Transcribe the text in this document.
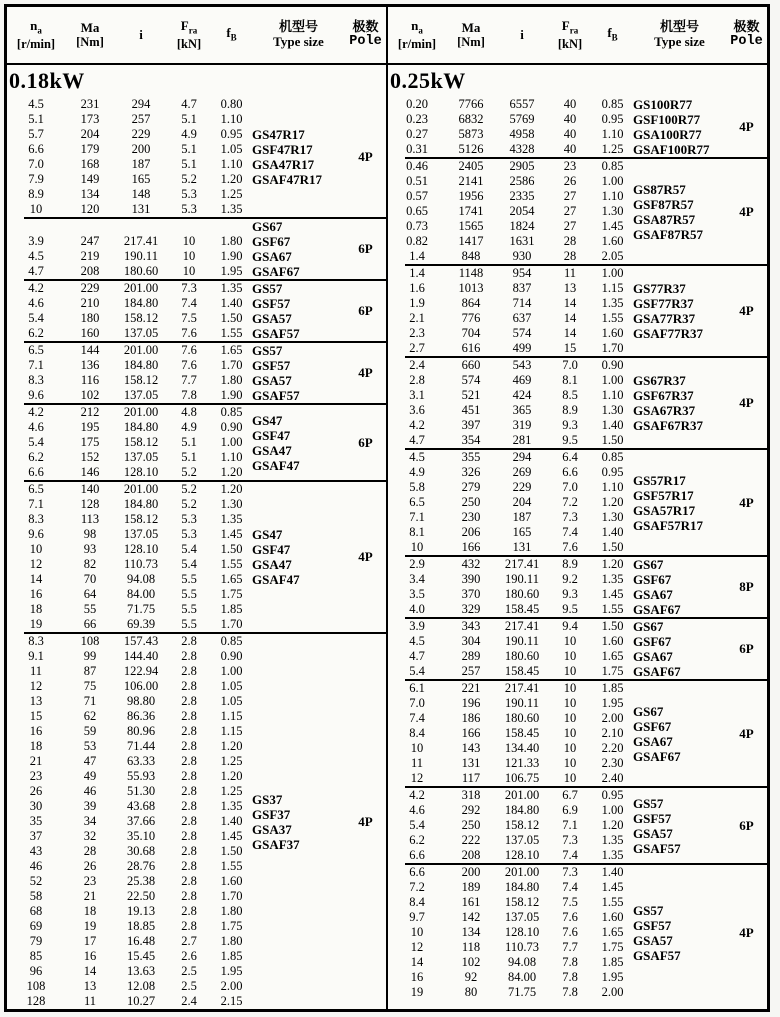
$n_a$
[r/min]
Ma
[Nm]	i
$F_{ra}$
[kN]
$f_B$
机型号
Type size
极数
Pole
0.18kW
4.5	231	294	4.7	0.80
5.1	173	257	5.1	1.10
5.7	204	229	4.9	0.95
6.6	179	200	5.1	1.05
7.0	168	187	5.1	1.10
7.9	149	165	5.2	1.20
8.9	134	148	5.3	1.25
10	120	131	5.3	1.35
GS47R17
GSF47R17
GSA47R17
GSAF47R17
4P
3.9	247	217.41	10	1.80
4.5	219	190.11	10	1.90
4.7	208	180.60	10	1.95
GS67
GSF67
GSA67
GSAF67
6P
4.2	229	201.00	7.3	1.35
4.6	210	184.80	7.4	1.40
5.4	180	158.12	7.5	1.50
6.2	160	137.05	7.6	1.55
GS57
GSF57
GSA57
GSAF57
6P
6.5	144	201.00	7.6	1.65
7.1	136	184.80	7.6	1.70
8.3	116	158.12	7.7	1.80
9.6	102	137.05	7.8	1.90
GS57
GSF57
GSA57
GSAF57
4P
4.2	212	201.00	4.8	0.85
4.6	195	184.80	4.9	0.90
5.4	175	158.12	5.1	1.00
6.2	152	137.05	5.1	1.10
6.6	146	128.10	5.2	1.20
GS47
GSF47
GSA47
GSAF47
6P
6.5	140	201.00	5.2	1.20
7.1	128	184.80	5.2	1.30
8.3	113	158.12	5.3	1.35
9.6	98	137.05	5.3	1.45
10	93	128.10	5.4	1.50
12	82	110.73	5.4	1.55
14	70	94.08	5.5	1.65
16	64	84.00	5.5	1.75
18	55	71.75	5.5	1.85
19	66	69.39	5.5	1.70
GS47
GSF47
GSA47
GSAF47
4P
8.3	108	157.43	2.8	0.85
9.1	99	144.40	2.8	0.90
11	87	122.94	2.8	1.00
12	75	106.00	2.8	1.05
13	71	98.80	2.8	1.05
15	62	86.36	2.8	1.15
16	59	80.96	2.8	1.15
18	53	71.44	2.8	1.20
21	47	63.33	2.8	1.25
23	49	55.93	2.8	1.20
26	46	51.30	2.8	1.25
30	39	43.68	2.8	1.35
35	34	37.66	2.8	1.40
37	32	35.10	2.8	1.45
43	28	30.68	2.8	1.50
46	26	28.76	2.8	1.55
52	23	25.38	2.8	1.60
58	21	22.50	2.8	1.70
68	18	19.13	2.8	1.80
69	19	18.85	2.8	1.75
79	17	16.48	2.7	1.80
85	16	15.45	2.6	1.85
96	14	13.63	2.5	1.95
108	13	12.08	2.5	2.00
128	11	10.27	2.4	2.15
GS37
GSF37
GSA37
GSAF37
4P
$n_a$
[r/min]
Ma
[Nm]	i
$F_{ra}$
[kN]
$f_B$
机型号
Type size
极数
Pole
0.25kW
0.20	7766	6557	40	0.85
0.23	6832	5769	40	0.95
0.27	5873	4958	40	1.10
0.31	5126	4328	40	1.25
GS100R77
GSF100R77
GSA100R77
GSAF100R77
4P
0.46	2405	2905	23	0.85
0.51	2141	2586	26	1.00
0.57	1956	2335	27	1.10
0.65	1741	2054	27	1.30
0.73	1565	1824	27	1.45
0.82	1417	1631	28	1.60
1.4	848	930	28	2.05
GS87R57
GSF87R57
GSA87R57
GSAF87R57
4P
1.4	1148	954	11	1.00
1.6	1013	837	13	1.15
1.9	864	714	14	1.35
2.1	776	637	14	1.55
2.3	704	574	14	1.60
2.7	616	499	15	1.70
GS77R37
GSF77R37
GSA77R37
GSAF77R37
4P
2.4	660	543	7.0	0.90
2.8	574	469	8.1	1.00
3.1	521	424	8.5	1.10
3.6	451	365	8.9	1.30
4.2	397	319	9.3	1.40
4.7	354	281	9.5	1.50
GS67R37
GSF67R37
GSA67R37
GSAF67R37
4P
4.5	355	294	6.4	0.85
4.9	326	269	6.6	0.95
5.8	279	229	7.0	1.10
6.5	250	204	7.2	1.20
7.1	230	187	7.3	1.30
8.1	206	165	7.4	1.40
10	166	131	7.6	1.50
GS57R17
GSF57R17
GSA57R17
GSAF57R17
4P
2.9	432	217.41	8.9	1.20
3.4	390	190.11	9.2	1.35
3.5	370	180.60	9.3	1.45
4.0	329	158.45	9.5	1.55
GS67
GSF67
GSA67
GSAF67
8P
3.9	343	217.41	9.4	1.50
4.5	304	190.11	10	1.60
4.7	289	180.60	10	1.65
5.4	257	158.45	10	1.75
GS67
GSF67
GSA67
GSAF67
6P
6.1	221	217.41	10	1.85
7.0	196	190.11	10	1.95
7.4	186	180.60	10	2.00
8.4	166	158.45	10	2.10
10	143	134.40	10	2.20
11	131	121.33	10	2.30
12	117	106.75	10	2.40
GS67
GSF67
GSA67
GSAF67
4P
4.2	318	201.00	6.7	0.95
4.6	292	184.80	6.9	1.00
5.4	250	158.12	7.1	1.20
6.2	222	137.05	7.3	1.35
6.6	208	128.10	7.4	1.35
GS57
GSF57
GSA57
GSAF57
6P
6.6	200	201.00	7.3	1.40
7.2	189	184.80	7.4	1.45
8.4	161	158.12	7.5	1.55
9.7	142	137.05	7.6	1.60
10	134	128.10	7.6	1.65
12	118	110.73	7.7	1.75
14	102	94.08	7.8	1.85
16	92	84.00	7.8	1.95
19	80	71.75	7.8	2.00
GS57
GSF57
GSA57
GSAF57
4P
